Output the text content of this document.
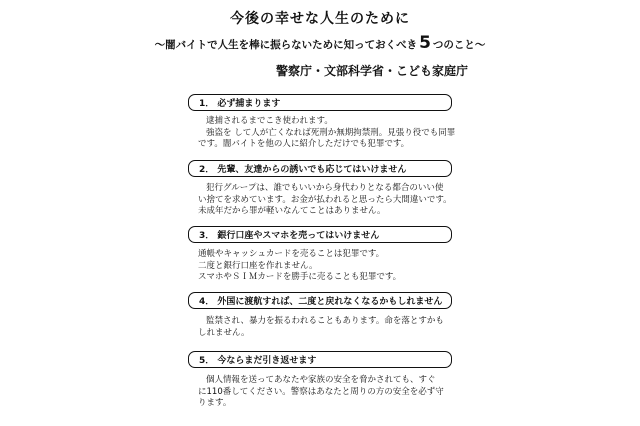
今後の幸せな人生のために
〜闇バイトで人生を棒に振らないために知っておくべき 5 つのこと〜
警察庁・文部科学省・こども家庭庁
1． 必ず捕まります
逮捕されるまでこき使われます。
強盗を して人が亡くなれば死刑か無期拘禁刑。見張り役でも同罪
です。闇バイトを他の人に紹介しただけでも犯罪です。
2． 先輩、友達からの誘いでも応じてはいけません
犯行グループは、誰でもいいから身代わりとなる都合のいい使
い捨てを求めています。お金が払われると思ったら大間違いです。
未成年だから罪が軽いなんてことはありません。
3． 銀行口座やスマホを売ってはいけません
通帳やキャッシュカードを売ることは犯罪です。
二度と銀行口座を作れません。
スマホやＳＩＭカードを勝手に売ることも犯罪です。
4． 外国に渡航すれば、二度と戻れなくなるかもしれません
監禁され、暴力を振るわれることもあります。命を落とすかも
しれません。
5． 今ならまだ引き返せます
個人情報を送ってあなたや家族の安全を脅かされても、すぐ
に110番してください。警察はあなたと周りの方の安全を必ず守
ります。
